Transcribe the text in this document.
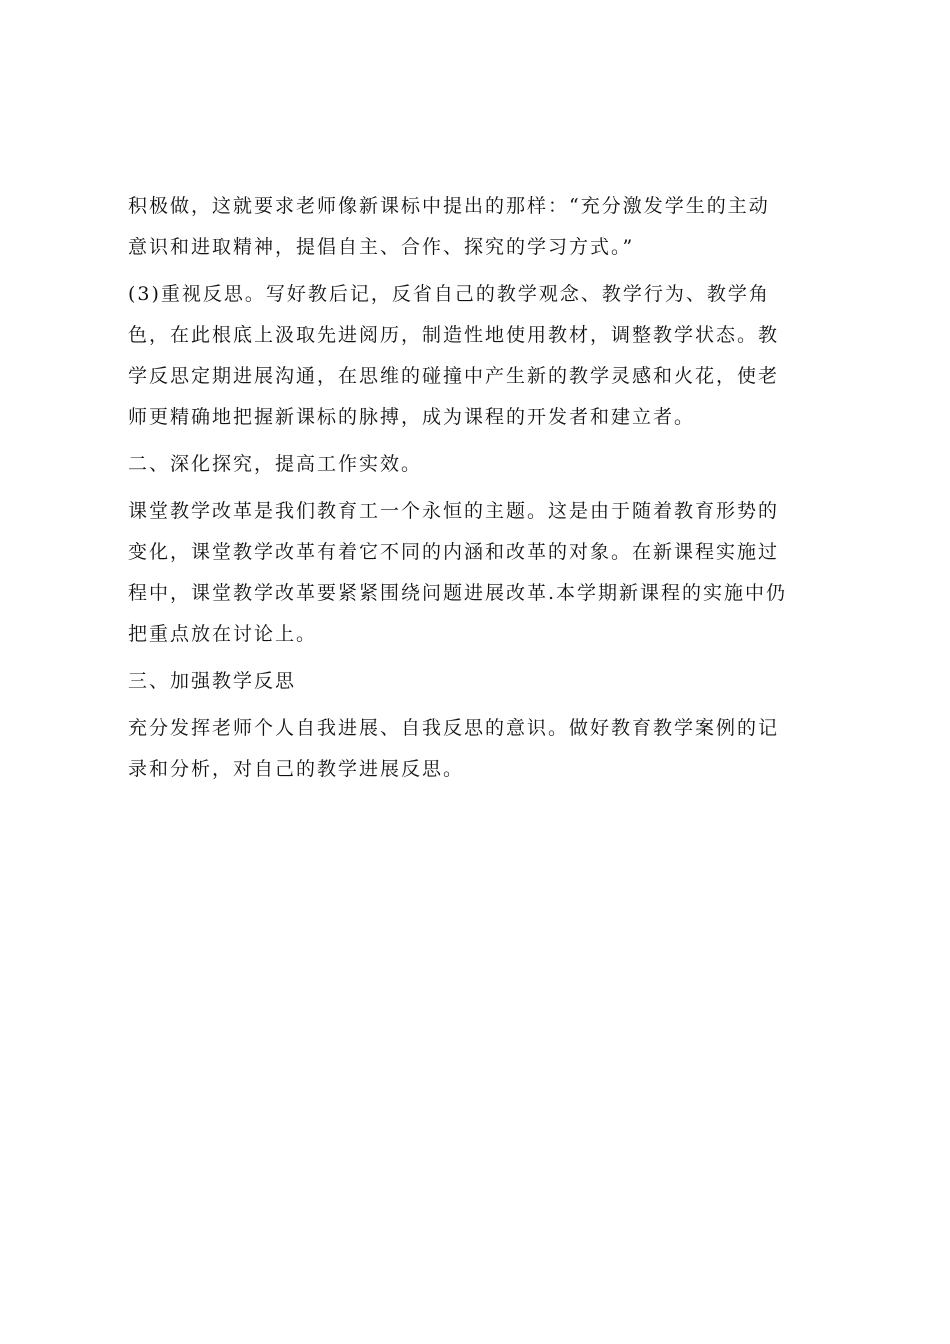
积极做，这就要求老师像新课标中提出的那样：“充分激发学生的主动
意识和进取精神，提倡自主、合作、探究的学习方式。”
(3)重视反思。写好教后记，反省自己的教学观念、教学行为、教学角
色，在此根底上汲取先进阅历，制造性地使用教材，调整教学状态。教
学反思定期进展沟通，在思维的碰撞中产生新的教学灵感和火花，使老
师更精确地把握新课标的脉搏，成为课程的开发者和建立者。
二、深化探究，提高工作实效。
课堂教学改革是我们教育工一个永恒的主题。这是由于随着教育形势的
变化，课堂教学改革有着它不同的内涵和改革的对象。在新课程实施过
程中，课堂教学改革要紧紧围绕问题进展改革.本学期新课程的实施中仍
把重点放在讨论上。
三、加强教学反思
充分发挥老师个人自我进展、自我反思的意识。做好教育教学案例的记
录和分析，对自己的教学进展反思。
